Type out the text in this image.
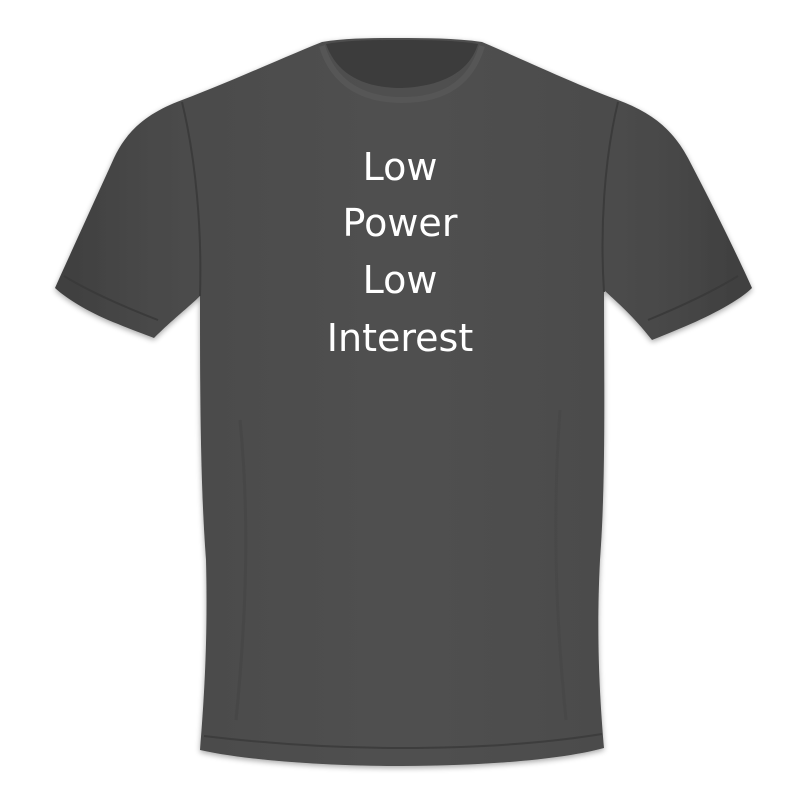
Low
Power
Low
Interest
